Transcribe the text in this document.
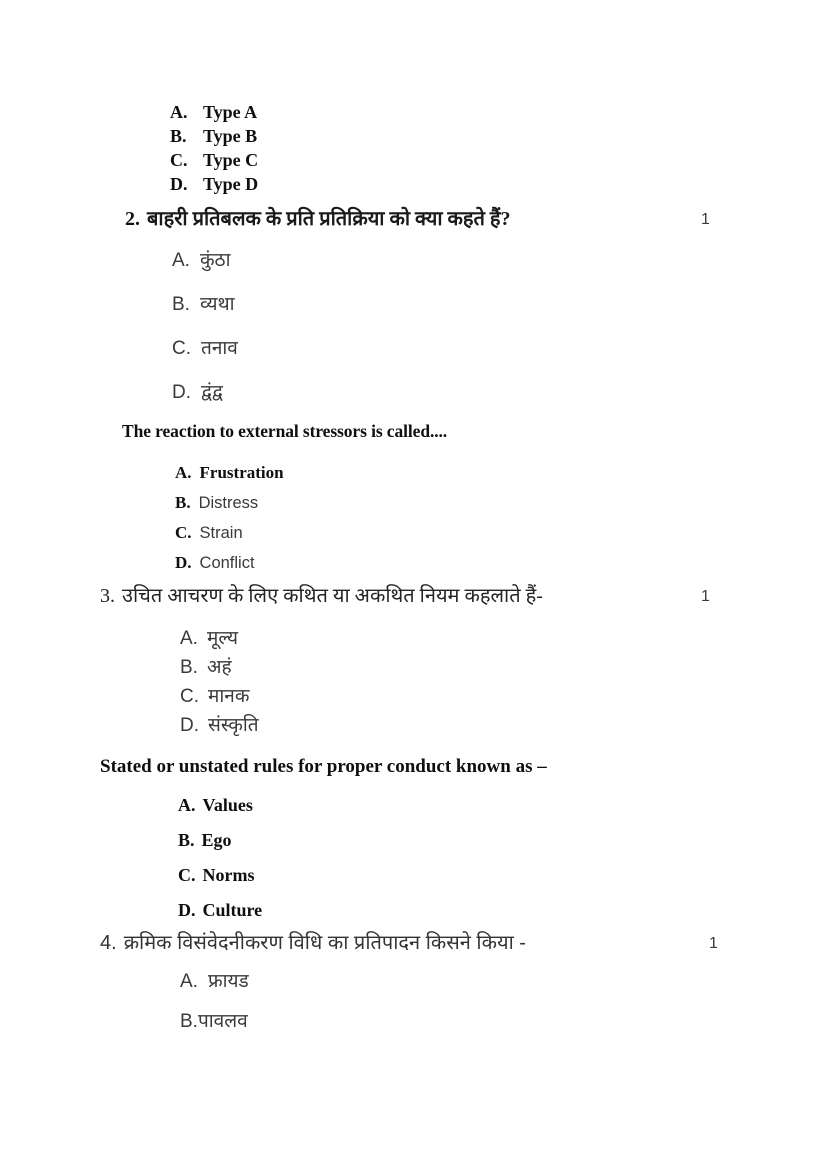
A. Type A
B. Type B
C. Type C
D. Type D
2. बाहरी प्रतिबलक के प्रति प्रतिक्रिया को क्या कहते हैं?	1
A. कुंठा
B. व्यथा
C. तनाव
D. द्वंद्व
The reaction to external stressors is called....
A. Frustration
B. Distress
C. Strain
D. Conflict
3. उचित आचरण के लिए कथित या अकथित नियम कहलाते हैं-	1
A. मूल्य
B. अहं
C. मानक
D. संस्कृति
Stated or unstated rules for proper conduct known as –
A. Values
B. Ego
C. Norms
D. Culture
4. क्रमिक विसंवेदनीकरण विधि का प्रतिपादन किसने किया -	1
A. फ्रायड
B. पावलव
